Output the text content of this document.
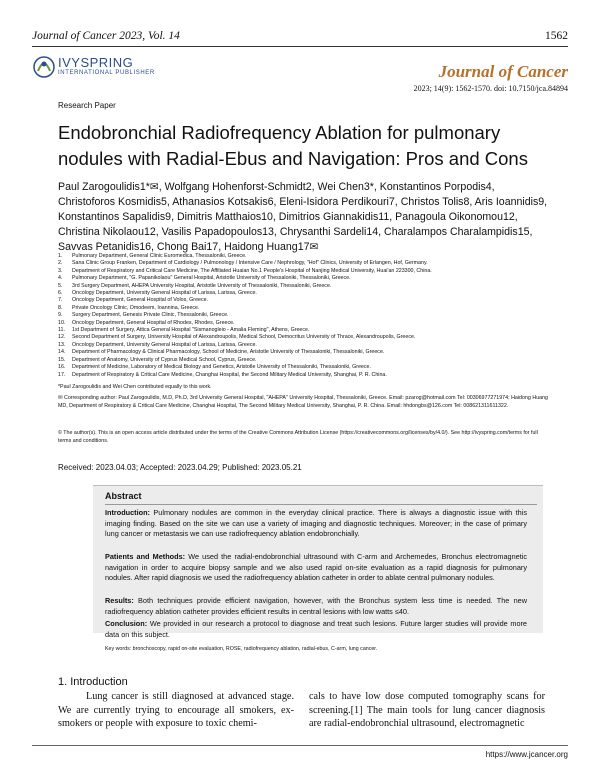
Journal of Cancer 2023, Vol. 14	1562
IVYSPRING
INTERNATIONAL PUBLISHER	Journal of Cancer
2023; 14(9): 1562-1570. doi: 10.7150/jca.84894
Research Paper
Endobronchial Radiofrequency Ablation for pulmonary nodules with Radial-Ebus and Navigation: Pros and Cons
Paul Zarogoulidis1*✉, Wolfgang Hohenforst-Schmidt2, Wei Chen3*, Konstantinos Porpodis4, Christoforos Kosmidis5, Athanasios Kotsakis6, Eleni-Isidora Perdikouri7, Christos Tolis8, Aris Ioannidis9, Konstantinos Sapalidis9, Dimitris Matthaios10, Dimitrios Giannakidis11, Panagoula Oikonomou12, Christina Nikolaou12, Vasilis Papadopoulos13, Chrysanthi Sardeli14, Charalampos Charalampidis15, Savvas Petanidis16, Chong Bai17, Haidong Huang17✉
1.	Pulmonary Department, General Clinic Euromedica, Thessaloniki, Greece.
2.	Sana Clinic Group Franken, Department of Cardiology / Pulmonology / Intensive Care / Nephrology, "Hof" Clinics, University of Erlangen, Hof, Germany.
3.	Department of Respiratory and Critical Care Medicine, The Affiliated Huaian No.1 People's Hospital of Nanjing Medical University, Huai'an 223300, China.
4.	Pulmonary Department, "G. Papanikolaou" General Hospital, Aristotle University of Thessaloniki, Thessaloniki, Greece.
5.	3rd Surgery Department, AHEPA University Hospital, Aristotle University of Thessaloniki, Thessaloniki, Greece.
6.	Oncology Department, University General Hospital of Larissa, Larissa, Greece.
7.	Oncology Department, General Hospital of Volos, Greece.
8.	Private Oncology Clinic, Omodeem, Ioannina, Greece.
9.	Surgery Department, Genesis Private Clinic, Thessaloniki, Greece.
10.	Oncology Department, General Hospital of Rhodes, Rhodes, Greece.
11.	1st Department of Surgery, Attica General Hospital "Sismanogleio - Amalia Fleming", Athens, Greece.
12.	Second Department of Surgery, University Hospital of Alexandroupolis, Medical School, Democritus University of Thrace, Alexandroupolis, Greece.
13.	Oncology Department, University General Hospital of Larissa, Larissa, Greece.
14.	Department of Pharmacology & Clinical Pharmacology, School of Medicine, Aristotle University of Thessaloniki, Thessaloniki, Greece.
15.	Department of Anatomy, University of Cyprus Medical School, Cyprus, Greece.
16.	Department of Medicine, Laboratory of Medical Biology and Genetics, Aristotle University of Thessaloniki, Thessaloniki, Greece.
17.	Department of Respiratory & Critical Care Medicine, Changhai Hospital, the Second Military Medical University, Shanghai, P. R. China.
*Paul Zarogoulidis and Wei Chen contributed equally to this work.
✉ Corresponding author: Paul Zarogoulidis, M.D, Ph.D, 3rd University General Hospital, "AHEPA" University Hospital, Thessaloniki, Greece. Email: pzarog@hotmail.com Tel: 00306977271974; Haidong Huang MD, Department of Respiratory & Critical Care Medicine, Changhai Hospital, The Second Military Medical University, Shanghai, P. R. China. Email: hhdongbs@126.com Tel: 008621311611322.
© The author(s). This is an open access article distributed under the terms of the Creative Commons Attribution License (https://creativecommons.org/licenses/by/4.0/). See http://ivyspring.com/terms for full terms and conditions.
Received: 2023.04.03; Accepted: 2023.04.29; Published: 2023.05.21
Abstract
Introduction: Pulmonary nodules are common in the everyday clinical practice. There is always a diagnostic issue with this imaging finding. Based on the site we can use a variety of imaging and diagnostic techniques. Moreover; in the case of primary lung cancer or metastasis we can use radiofrequency ablation endobronchially.
Patients and Methods: We used the radial-endobronchial ultrasound with C-arm and Archemedes, Bronchus electromagnetic navigation in order to acquire biopsy sample and we also used rapid on-site evaluation as a rapid diagnosis for pulmonary nodules. After rapid diagnosis we used the radiofrequency ablation catheter in order to ablate central pulmonary nodules.
Results: Both techniques provide efficient navigation, however, with the Bronchus system less time is needed. The new radiofrequency ablation catheter provides efficient results in central lesions with low watts ≤40.
Conclusion: We provided in our research a protocol to diagnose and treat such lesions. Future larger studies will provide more data on this subject.
Key words: bronchoscopy, rapid on-site evaluation, ROSE, radiofrequency ablation, radial-ebus, C-arm, lung cancer.
1. Introduction
Lung cancer is still diagnosed at advanced stage. We are currently trying to encourage all smokers, ex-smokers or people with exposure to toxic chemi-
cals to have low dose computed tomography scans for screening.[1] The main tools for lung cancer diagnosis are radial-endobronchial ultrasound, electromagnetic
https://www.jcancer.org
